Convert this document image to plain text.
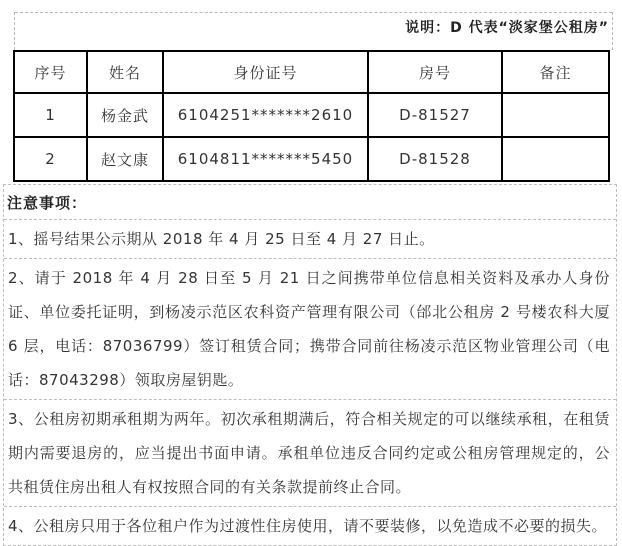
说明：D 代表“淡家堡公租房”
序号	姓名	身份证号	房号	备注
1	杨金武	6104251*******2610	D-81527	
2	赵文康	6104811*******5450	D-81528	
注意事项：
1、摇号结果公示期从 2018 年 4 月 25 日至 4 月 27 日止。
2、请于 2018 年 4 月 28 日至 5 月 21 日之间携带单位信息相关资料及承办人身份证、单位委托证明，到杨凌示范区农科资产管理有限公司（邰北公租房 2 号楼农科大厦 6 层，电话：87036799）签订租赁合同；携带合同前往杨凌示范区物业管理公司（电话：87043298）领取房屋钥匙。
3、公租房初期承租期为两年。初次承租期满后，符合相关规定的可以继续承租，在租赁期内需要退房的，应当提出书面申请。承租单位违反合同约定或公租房管理规定的，公共租赁住房出租人有权按照合同的有关条款提前终止合同。
4、公租房只用于各位租户作为过渡性住房使用，请不要装修，以免造成不必要的损失。
